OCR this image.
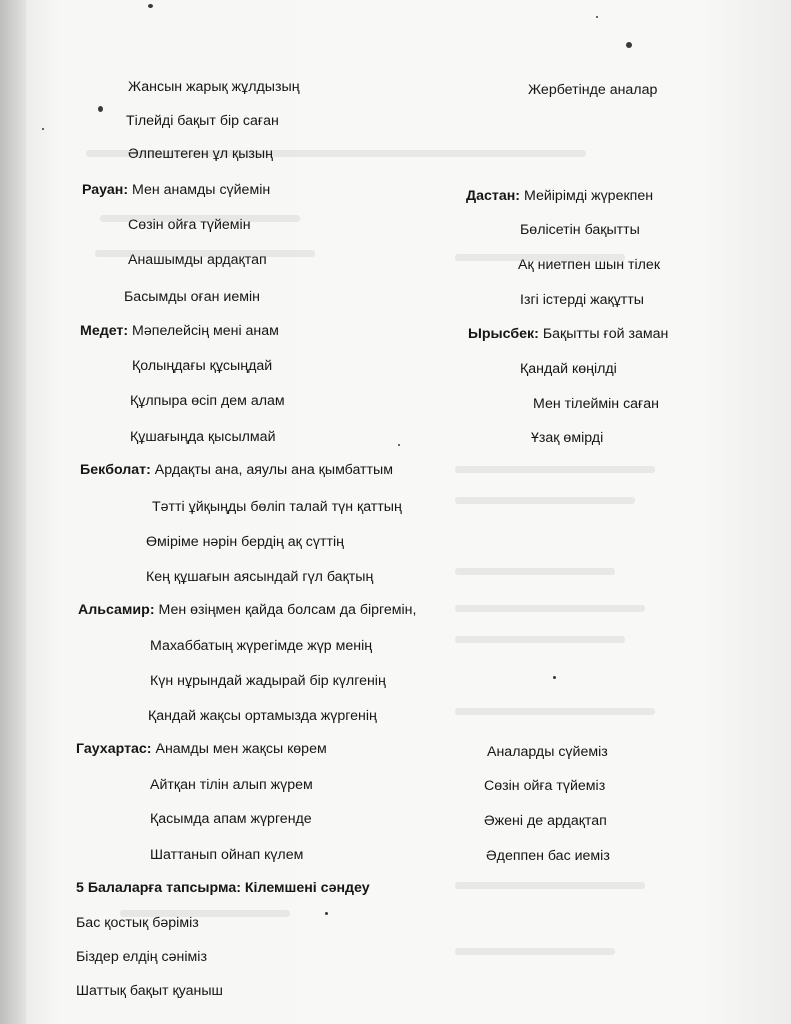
Жансын жарық жұлдызың
Тілейді бақыт бір саған
Әлпештеген ұл қызың
Рауан: Мен анамды сүйемін
Сөзін ойға түйемін
Анашымды ардақтап
Басымды оған иемін
Медет: Мәпелейсің мені анам
Қолыңдағы құсыңдай
Құлпыра өсіп дем алам
Құшағыңда қысылмай
Бекболат: Ардақты ана, аяулы ана қымбаттым
Тәтті ұйқыңды бөліп талай түн қаттың
Өміріме нәрін бердің ақ сүттің
Кең құшағын аясындай гүл бақтың
Альсамир: Мен өзіңмен қайда болсам да біргемін,
Махаббатың жүрегімде жүр менің
Күн нұрындай жадырай бір күлгенің
Қандай жақсы ортамызда жүргенің
Гаухартас: Анамды мен жақсы көрем
Айтқан тілін алып жүрем
Қасымда апам жүргенде
Шаттанып ойнап күлем
5 Балаларға тапсырма: Кілемшені сәндеу
Бас қостық бәріміз
Біздер елдің сәніміз
Шаттық бақыт қуаныш
Жербетінде аналар
Дастан: Мейірімді жүрекпен
Бөлісетін бақытты
Ақ ниетпен шын тілек
Ізгі істерді жақұтты
Ырысбек: Бақытты ғой заман
Қандай көңілді
Мен тілеймін саған
Ұзақ өмірді
Аналарды сүйеміз
Сөзін ойға түйеміз
Әжені де ардақтап
Әдеппен бас иеміз
